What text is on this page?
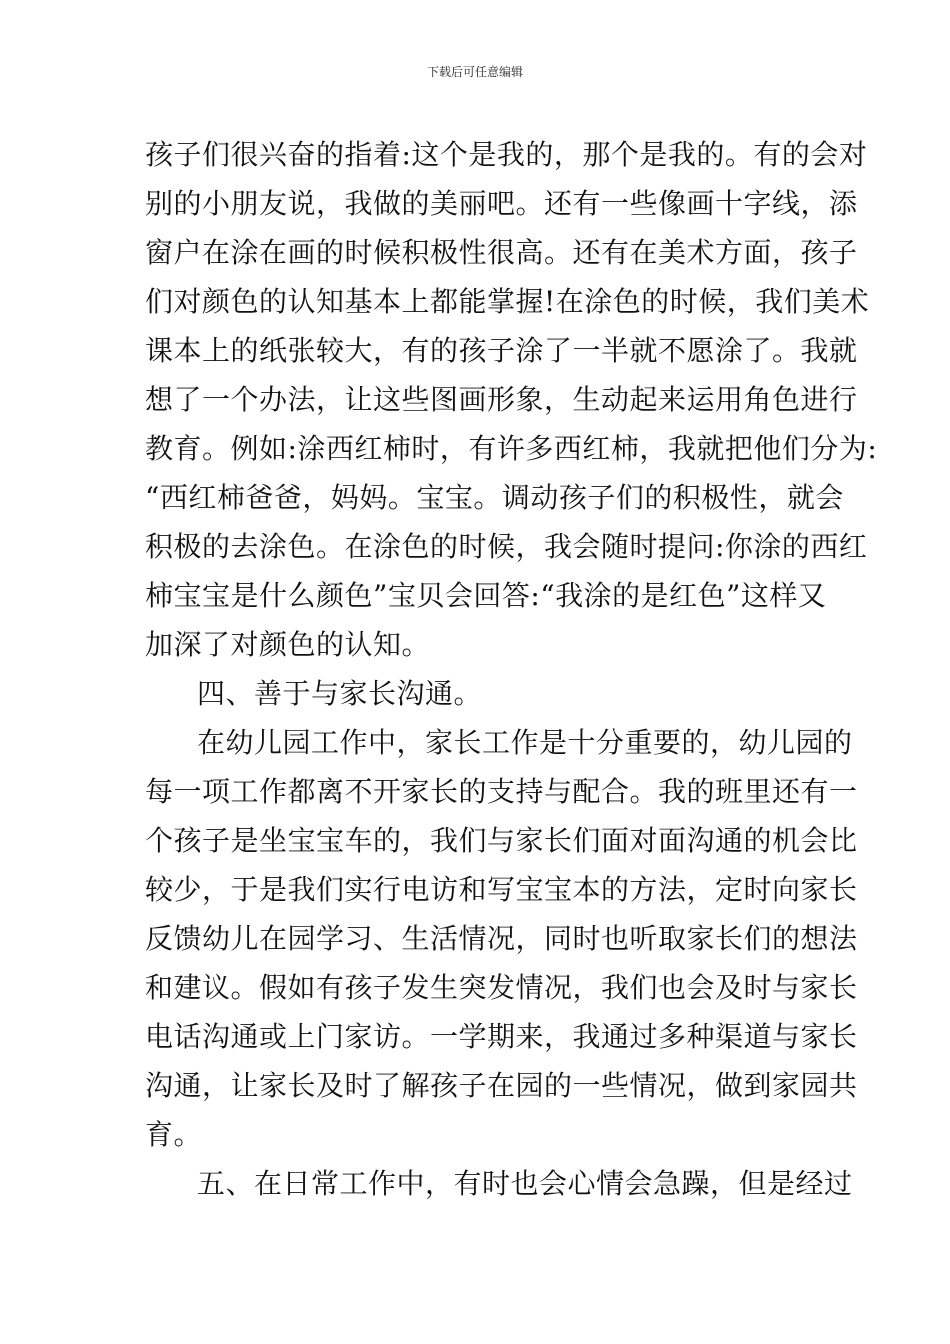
下载后可任意编辑
孩子们很兴奋的指着:这个是我的，那个是我的。有的会对
别的小朋友说，我做的美丽吧。还有一些像画十字线，添
窗户在涂在画的时候积极性很高。还有在美术方面，孩子
们对颜色的认知基本上都能掌握!在涂色的时候，我们美术
课本上的纸张较大，有的孩子涂了一半就不愿涂了。我就
想了一个办法，让这些图画形象，生动起来运用角色进行
教育。例如:涂西红柿时，有许多西红柿，我就把他们分为:
“西红柿爸爸，妈妈。宝宝。调动孩子们的积极性，就会
积极的去涂色。在涂色的时候，我会随时提问:你涂的西红
柿宝宝是什么颜色”宝贝会回答:“我涂的是红色”这样又
加深了对颜色的认知。
四、善于与家长沟通。
在幼儿园工作中，家长工作是十分重要的，幼儿园的
每一项工作都离不开家长的支持与配合。我的班里还有一
个孩子是坐宝宝车的，我们与家长们面对面沟通的机会比
较少，于是我们实行电访和写宝宝本的方法，定时向家长
反馈幼儿在园学习、生活情况，同时也听取家长们的想法
和建议。假如有孩子发生突发情况，我们也会及时与家长
电话沟通或上门家访。一学期来，我通过多种渠道与家长
沟通，让家长及时了解孩子在园的一些情况，做到家园共
育。
五、在日常工作中，有时也会心情会急躁，但是经过
